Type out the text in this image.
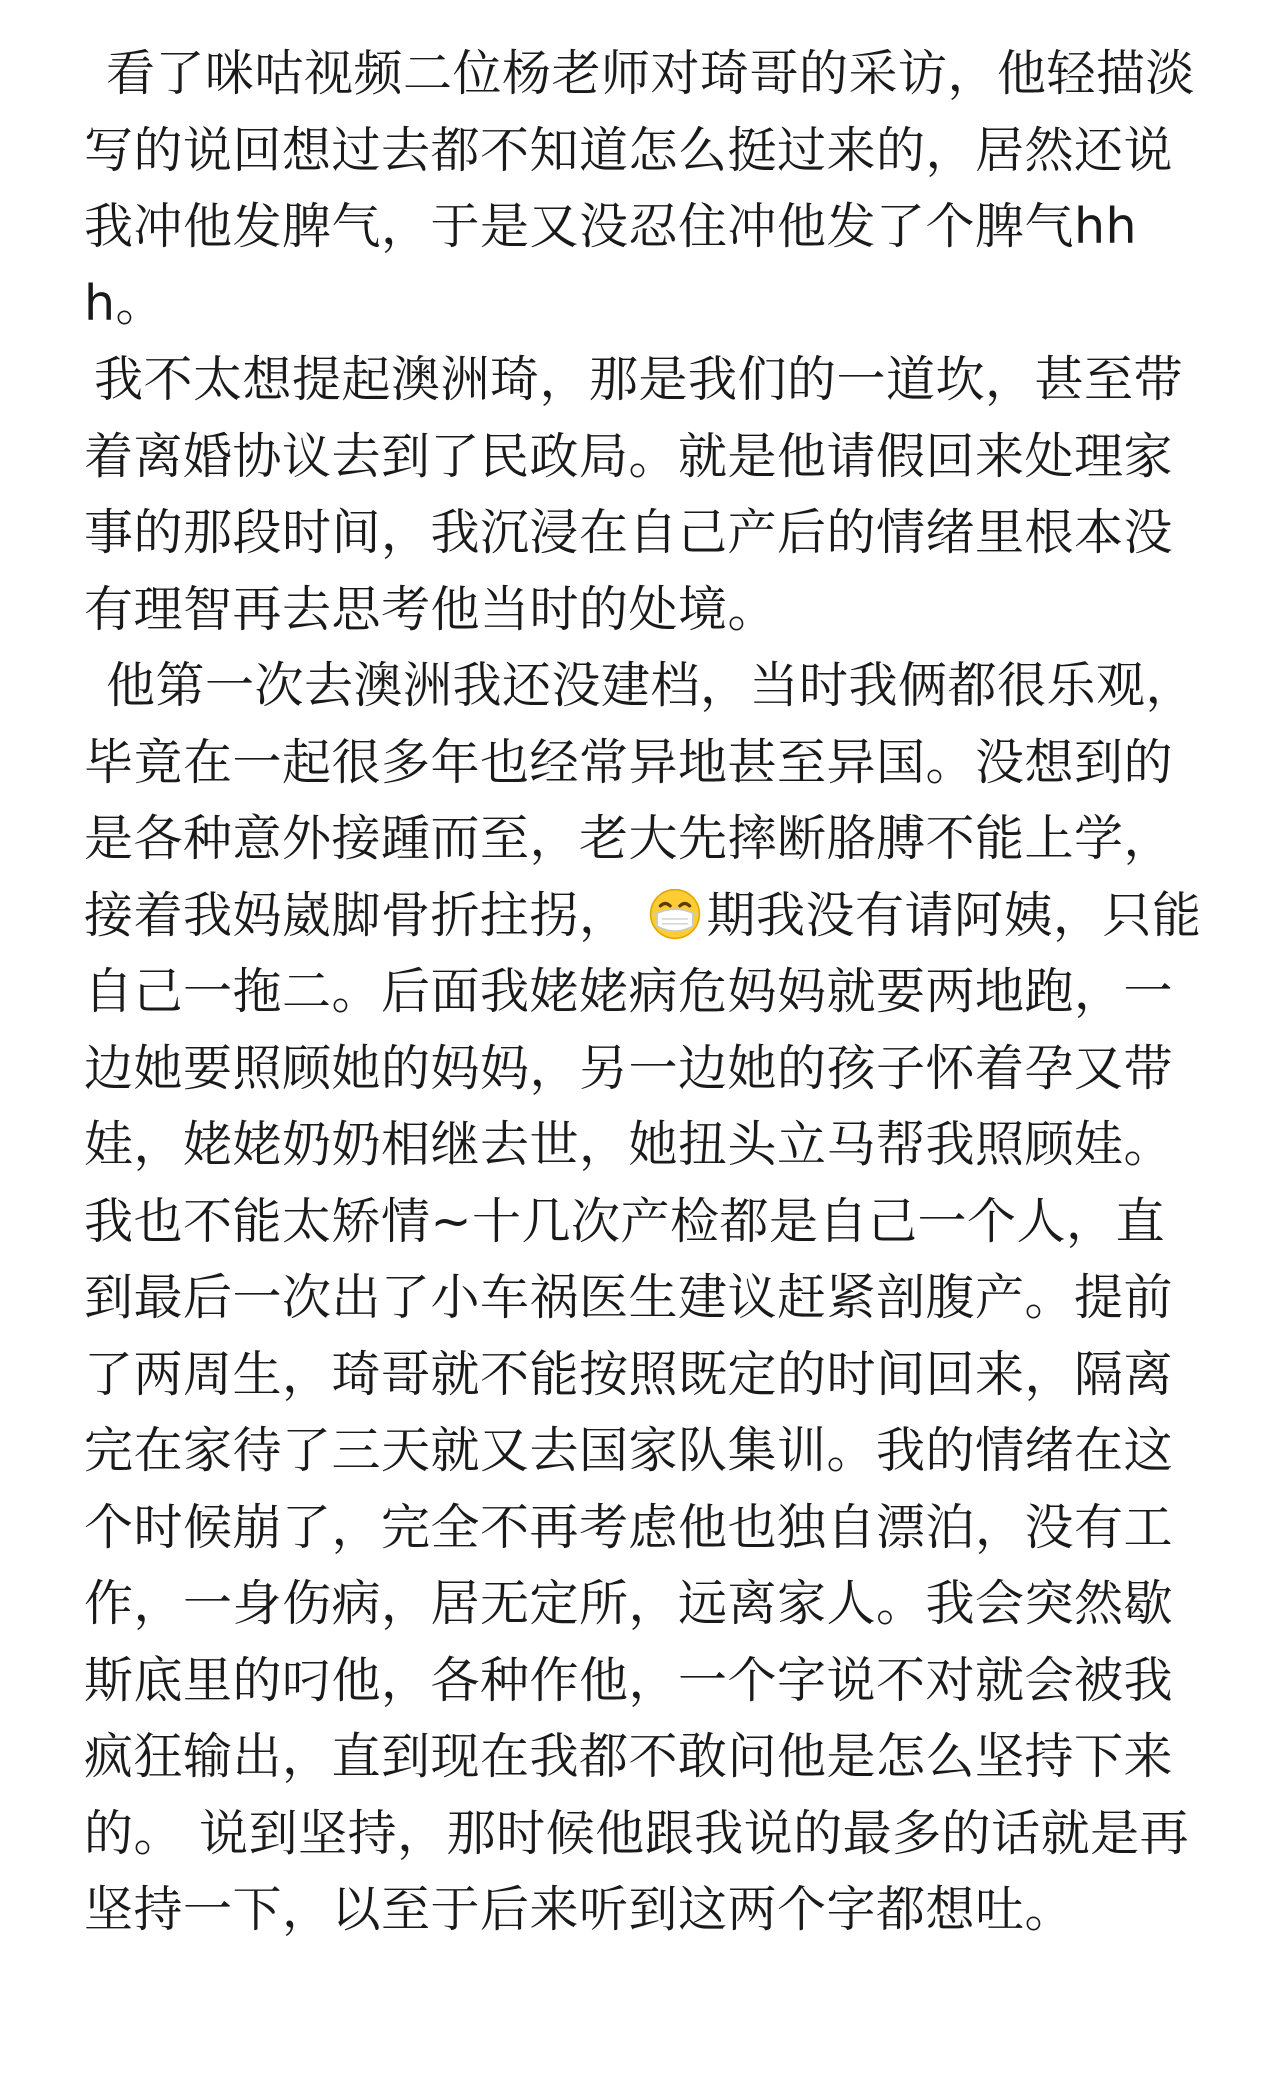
看了咪咕视频二位杨老师对琦哥的采访，他轻描淡写的说回想过去都不知道怎么挺过来的，居然还说我冲他发脾气，于是又没忍住冲他发了个脾气hhh。

我不太想提起澳洲琦，那是我们的一道坎，甚至带着离婚协议去到了民政局。就是他请假回来处理家事的那段时间，我沉浸在自己产后的情绪里根本没有理智再去思考他当时的处境。

他第一次去澳洲我还没建档，当时我俩都很乐观，毕竟在一起很多年也经常异地甚至异国。没想到的是各种意外接踵而至，老大先摔断胳膊不能上学，接着我妈崴脚骨折拄拐， 期我没有请阿姨，只能自己一拖二。后面我姥姥病危妈妈就要两地跑，一边她要照顾她的妈妈，另一边她的孩子怀着孕又带娃，姥姥奶奶相继去世，她扭头立马帮我照顾娃。我也不能太矫情~十几次产检都是自己一个人，直到最后一次出了小车祸医生建议赶紧剖腹产。提前了两周生，琦哥就不能按照既定的时间回来，隔离完在家待了三天就又去国家队集训。我的情绪在这个时候崩了，完全不再考虑他也独自漂泊，没有工作，一身伤病，居无定所，远离家人。我会突然歇斯底里的叼他，各种作他，一个字说不对就会被我疯狂输出，直到现在我都不敢问他是怎么坚持下来的。 说到坚持，那时候他跟我说的最多的话就是再坚持一下，以至于后来听到这两个字都想吐。
